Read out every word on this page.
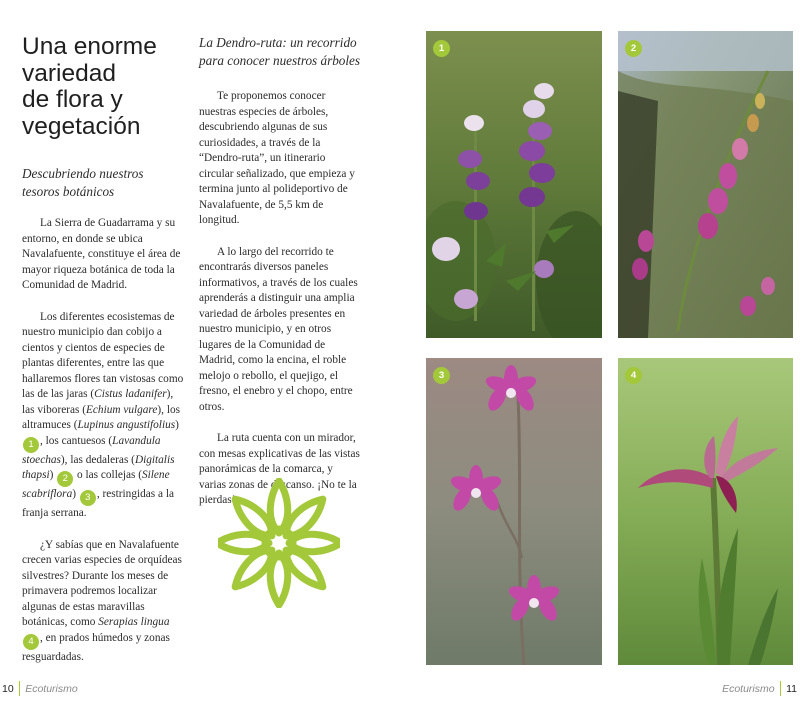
Una enorme
variedad
de flora y
vegetación
Descubriendo nuestros tesoros botánicos

La Sierra de Guadarrama y su entorno, en donde se ubica Navalafuente, constituye el área de mayor riqueza botánica de toda la Comunidad de Madrid.

Los diferentes ecosistemas de nuestro municipio dan cobijo a cientos y cientos de especies de plantas diferentes, entre las que hallaremos flores tan vistosas como las de las jaras (Cistus ladanifer), las viboreras (Echium vulgare), los altramuces (Lupinus angustifolius) 1 , los cantuesos (Lavandula stoechas), las dedaleras (Digitalis thapsi) 2 o las collejas (Silene scabriflora) 3 , restringidas a la franja serrana.

¿Y sabías que en Navalafuente crecen varias especies de orquídeas silvestres? Durante los meses de primavera podremos localizar algunas de estas maravillas botánicas, como Serapias lingua 4 , en prados húmedos y zonas resguardadas.

La Dendro-ruta: un recorrido para conocer nuestros árboles

Te proponemos conocer nuestras especies de árboles, descubriendo algunas de sus curiosidades, a través de la “Dendro-ruta”, un itinerario circular señalizado, que empieza y termina junto al polideportivo de Navalafuente, de 5,5 km de longitud.

A lo largo del recorrido te encontrarás diversos paneles informativos, a través de los cuales aprenderás a distinguir una amplia variedad de árboles presentes en nuestro municipio, y en otros lugares de la Comunidad de Madrid, como la encina, el roble melojo o rebollo, el quejigo, el fresno, el enebro y el chopo, entre otros.

La ruta cuenta con un mirador, con mesas explicativas de las vistas panorámicas de la comarca, y varias zonas de descanso. ¡No te la pierdas!

10 Ecoturismo
1	2
3	4
Ecoturismo 11
